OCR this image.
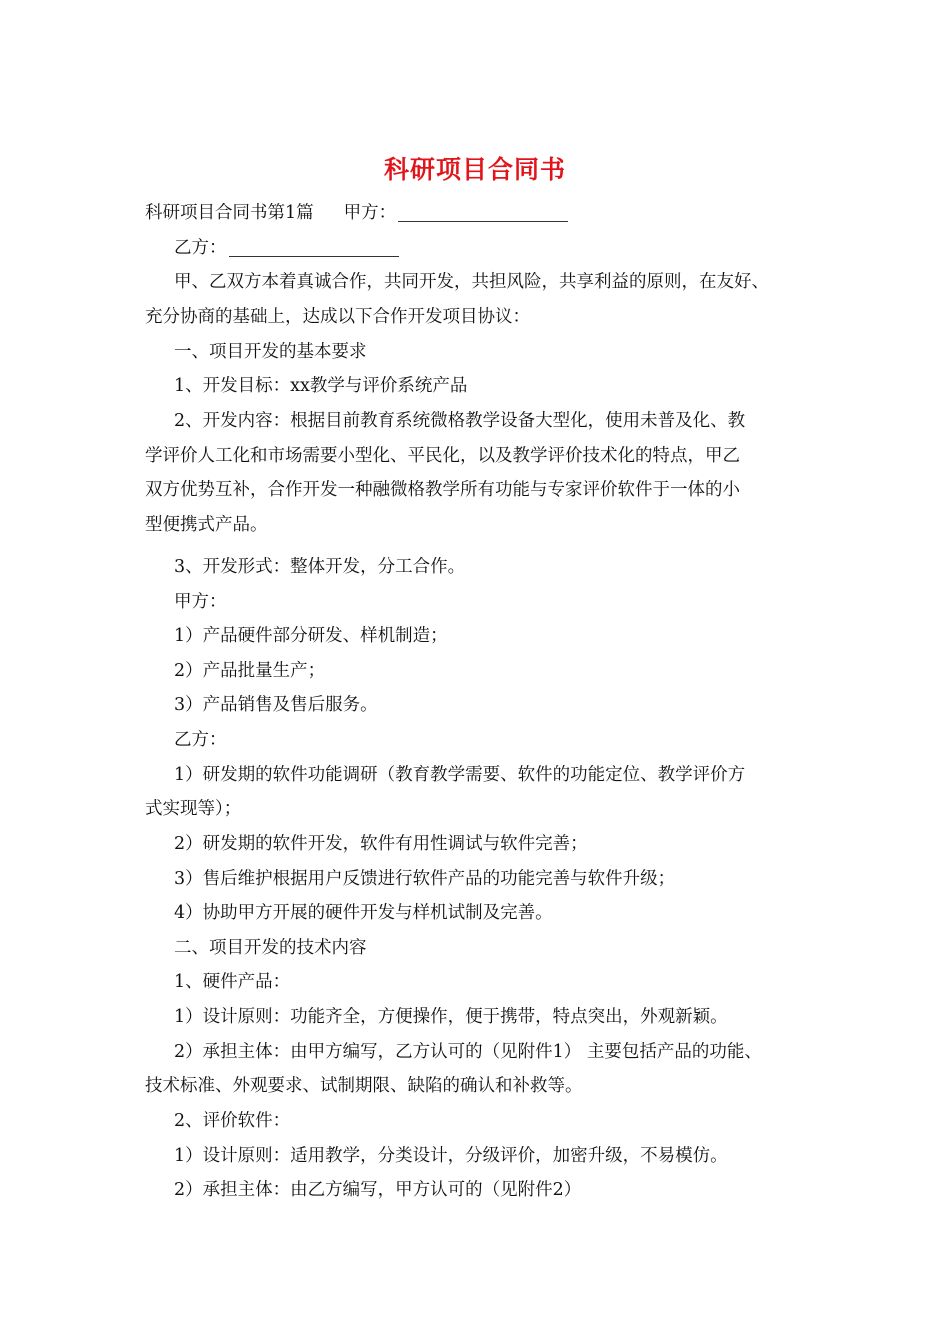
科研项目合同书
科研项目合同书第1篇 甲方：
乙方：
甲、乙双方本着真诚合作，共同开发，共担风险，共享利益的原则，在友好、
充分协商的基础上，达成以下合作开发项目协议：
一、项目开发的基本要求
1、开发目标：xx教学与评价系统产品
2、开发内容：根据目前教育系统微格教学设备大型化，使用未普及化、教
学评价人工化和市场需要小型化、平民化，以及教学评价技术化的特点，甲乙
双方优势互补，合作开发一种融微格教学所有功能与专家评价软件于一体的小
型便携式产品。
3、开发形式：整体开发，分工合作。
甲方：
1）产品硬件部分研发、样机制造；
2）产品批量生产；
3）产品销售及售后服务。
乙方：
1）研发期的软件功能调研（教育教学需要、软件的功能定位、教学评价方
式实现等）；
2）研发期的软件开发，软件有用性调试与软件完善；
3）售后维护根据用户反馈进行软件产品的功能完善与软件升级；
4）协助甲方开展的硬件开发与样机试制及完善。
二、项目开发的技术内容
1、硬件产品：
1）设计原则：功能齐全，方便操作，便于携带，特点突出，外观新颖。
2）承担主体：由甲方编写，乙方认可的（见附件1） 主要包括产品的功能、
技术标准、外观要求、试制期限、缺陷的确认和补救等。
2、评价软件：
1）设计原则：适用教学，分类设计，分级评价，加密升级，不易模仿。
2）承担主体：由乙方编写，甲方认可的（见附件2）
